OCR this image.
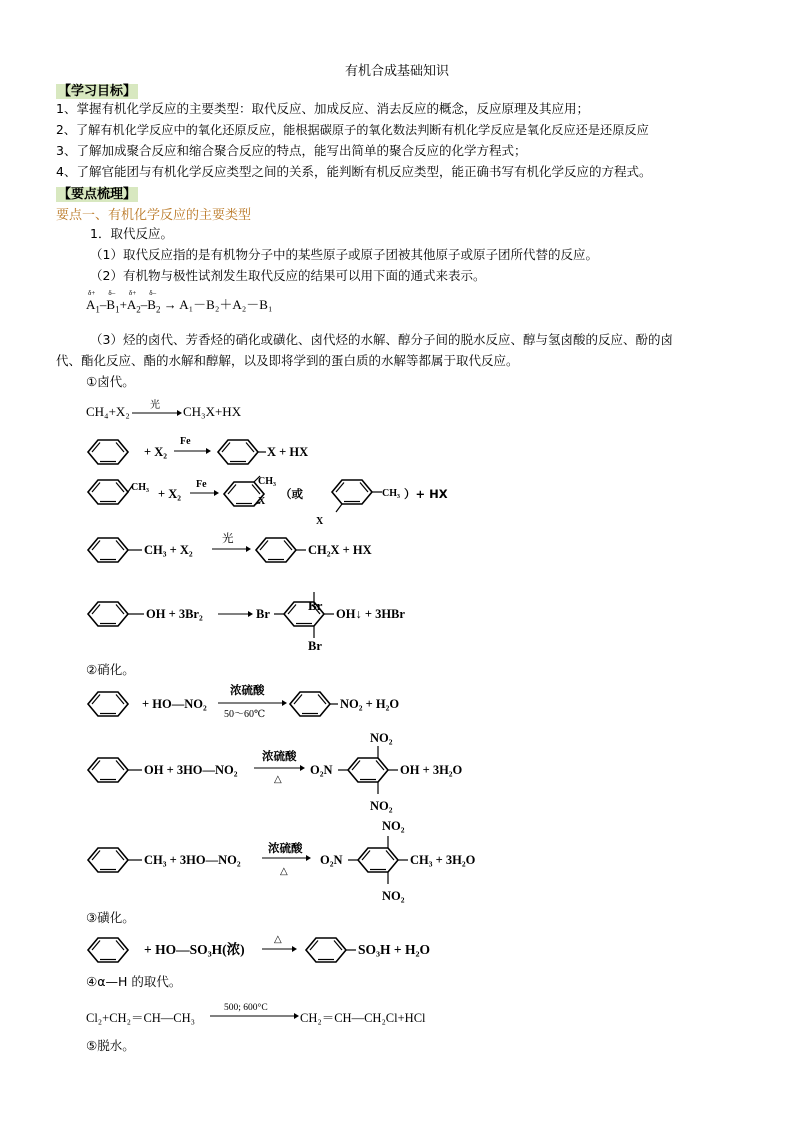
有机合成基础知识
【学习目标】
1、掌握有机化学反应的主要类型：取代反应、加成反应、消去反应的概念，反应原理及其应用；
2、了解有机化学反应中的氧化还原反应，能根据碳原子的氧化数法判断有机化学反应是氧化反应还是还原反应
3、了解加成聚合反应和缩合聚合反应的特点，能写出简单的聚合反应的化学方程式；
4、了解官能团与有机化学反应类型之间的关系，能判断有机反应类型，能正确书写有机化学反应的方程式。
【要点梳理】
要点一、有机化学反应的主要类型
1．取代反应。
（1）取代反应指的是有机物分子中的某些原子或原子团被其他原子或原子团所代替的反应。
（2）有机物与极性试剂发生取代反应的结果可以用下面的通式来表示。
$A_1$
δ+
$-B_1$
δ–
$+A_2$
δ+
$-B_2$
δ–
→ A₁－B₂＋A₂－B₁
（3）烃的卤代、芳香烃的硝化或磺化、卤代烃的水解、醇分子间的脱水反应、醇与氢卤酸的反应、酚的卤
代、酯化反应、酯的水解和醇解，以及即将学到的蛋白质的水解等都属于取代反应。
①卤代。
CH₄+X₂ 光 CH₃X+HX
+ X₂
Fe
X + HX
CH₃ + X₂
Fe	CH₃
X
（或	CH₃
X
）+ HX
CH₃ + X₂
光
CH₂X + HX
OH + 3Br₂	Br
Br
OH↓ + 3HBr
Br
②硝化。
+ HO—NO₂
浓硫酸
50～60℃
NO₂ + H₂O
OH + 3HO—NO₂
浓硫酸
△
O₂N
NO₂
NO₂
OH + 3H₂O
CH₃ + 3HO—NO₂
浓硫酸
△
O₂N
NO₂
NO₂
CH₃ + 3H₂O
③磺化。
+ HO—SO₃H(浓)
△
SO₃H + H₂O
④α—H 的取代。
Cl₂+CH₂＝CH—CH₃
500; 600°C
CH₂＝CH—CH₂Cl+HCl
⑤脱水。
